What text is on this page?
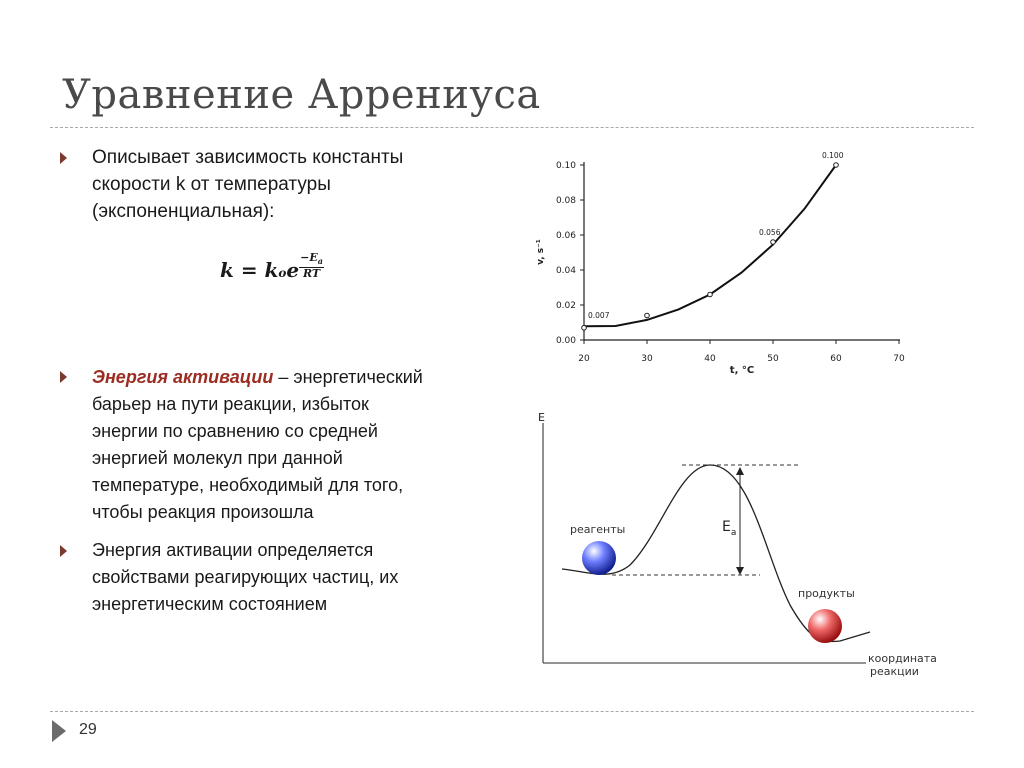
Уравнение Аррениуса
Описывает зависимость константы
скорости k от температуры
(экспоненциальная):
k = koe $\frac{-E_a}{RT}$
Энергия активации – энергетический
барьер на пути реакции, избыток
энергии по сравнению со средней
энергией молекул при данной
температуре, необходимый для того,
чтобы реакция произошла
Энергия активации определяется
свойствами реагирующих частиц, их
энергетическим состоянием
0.00
0.02
0.04
0.06
0.08
0.10
20	30	40	50	60	70
v, s⁻¹
t, °C
0.007
0.056
0.100
E
координата
реакции
$E_a$
реагенты
продукты
29
